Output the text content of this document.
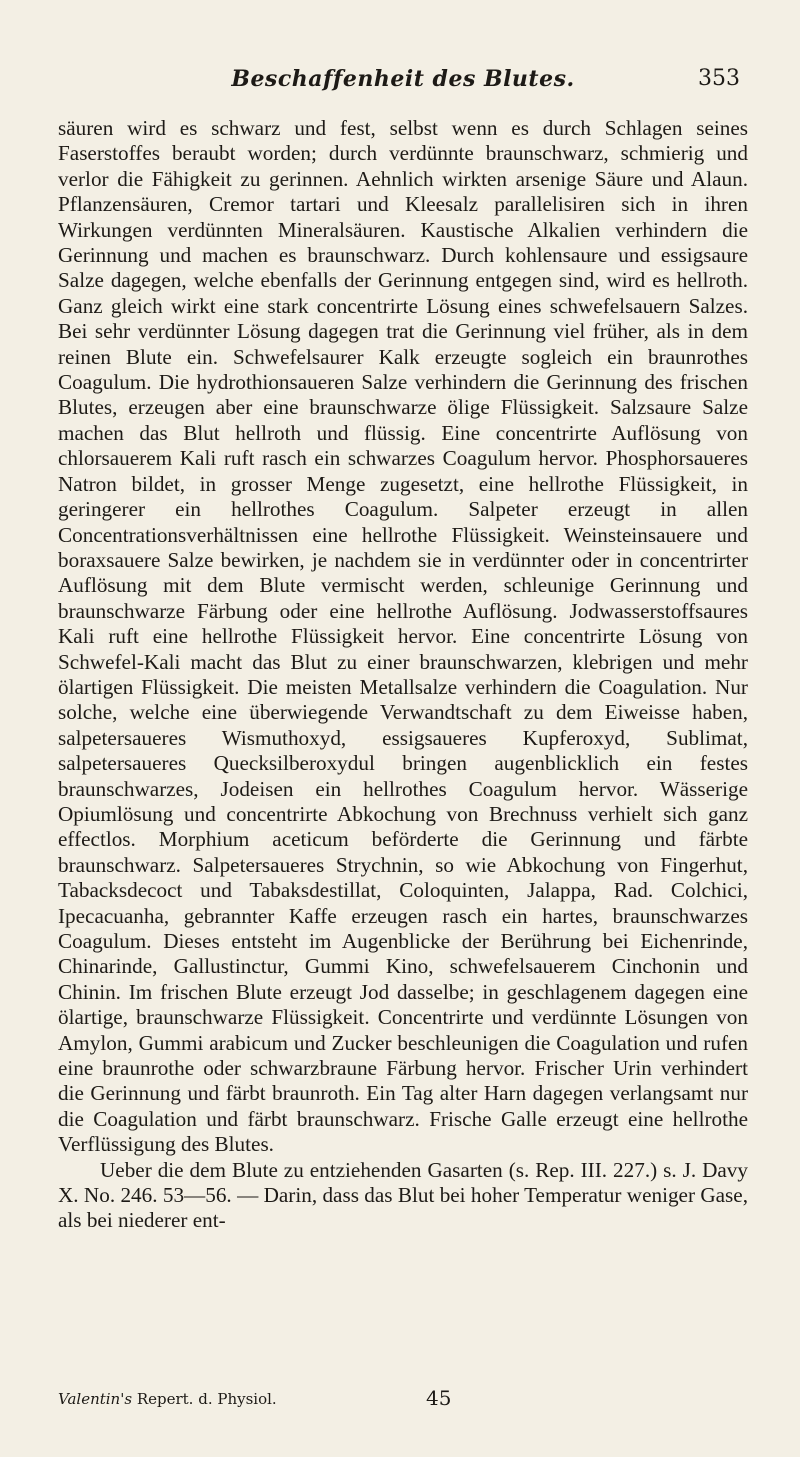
Beschaffenheit des Blutes.	353

säuren wird es schwarz und fest, selbst wenn es durch Schlagen seines Faserstoffes beraubt worden; durch verdünnte braunschwarz, schmierig und verlor die Fähigkeit zu gerinnen. Aehnlich wirkten arsenige Säure und Alaun. Pflanzensäuren, Cremor tartari und Kleesalz parallelisiren sich in ihren Wirkungen verdünnten Mineralsäuren. Kaustische Alkalien verhindern die Gerinnung und machen es braunschwarz. Durch kohlensaure und essigsaure Salze dagegen, welche ebenfalls der Gerinnung entgegen sind, wird es hellroth. Ganz gleich wirkt eine stark concentrirte Lösung eines schwefelsauern Salzes. Bei sehr verdünnter Lösung dagegen trat die Gerinnung viel früher, als in dem reinen Blute ein. Schwefelsaurer Kalk erzeugte sogleich ein braunrothes Coagulum. Die hydrothionsaueren Salze verhindern die Gerinnung des frischen Blutes, erzeugen aber eine braunschwarze ölige Flüssigkeit. Salzsaure Salze machen das Blut hellroth und flüssig. Eine concentrirte Auflösung von chlorsauerem Kali ruft rasch ein schwarzes Coagulum hervor. Phosphorsaueres Natron bildet, in grosser Menge zugesetzt, eine hellrothe Flüssigkeit, in geringerer ein hellrothes Coagulum. Salpeter erzeugt in allen Concentrationsverhältnissen eine hellrothe Flüssigkeit. Weinsteinsauere und boraxsauere Salze bewirken, je nachdem sie in verdünnter oder in concentrirter Auflösung mit dem Blute vermischt werden, schleunige Gerinnung und braunschwarze Färbung oder eine hellrothe Auflösung. Jodwasserstoffsaures Kali ruft eine hellrothe Flüssigkeit hervor. Eine concentrirte Lösung von Schwefel-Kali macht das Blut zu einer braunschwarzen, klebrigen und mehr ölartigen Flüssigkeit. Die meisten Metallsalze verhindern die Coagulation. Nur solche, welche eine überwiegende Verwandtschaft zu dem Eiweisse haben, salpetersaueres Wismuthoxyd, essigsaueres Kupferoxyd, Sublimat, salpetersaueres Quecksilberoxydul bringen augenblicklich ein festes braunschwarzes, Jodeisen ein hellrothes Coagulum hervor. Wässerige Opiumlösung und concentrirte Abkochung von Brechnuss verhielt sich ganz effectlos. Morphium aceticum beförderte die Gerinnung und färbte braunschwarz. Salpetersaueres Strychnin, so wie Abkochung von Fingerhut, Tabacksdecoct und Tabaksdestillat, Coloquinten, Jalappa, Rad. Colchici, Ipecacuanha, gebrannter Kaffe erzeugen rasch ein hartes, braunschwarzes Coagulum. Dieses entsteht im Augenblicke der Berührung bei Eichenrinde, Chinarinde, Gallustinctur, Gummi Kino, schwefelsauerem Cinchonin und Chinin. Im frischen Blute erzeugt Jod dasselbe; in geschlagenem dagegen eine ölartige, braunschwarze Flüssigkeit. Concentrirte und verdünnte Lösungen von Amylon, Gummi arabicum und Zucker beschleunigen die Coagulation und rufen eine braunrothe oder schwarzbraune Färbung hervor. Frischer Urin verhindert die Gerinnung und färbt braunroth. Ein Tag alter Harn dagegen verlangsamt nur die Coagulation und färbt braunschwarz. Frische Galle erzeugt eine hellrothe Verflüssigung des Blutes.

Ueber die dem Blute zu entziehenden Gasarten (s. Rep. III. 227.) s. J. Davy X. No. 246. 53—56. — Darin, dass das Blut bei hoher Temperatur weniger Gase, als bei niederer ent-

Valentin's Repert. d. Physiol.	45
